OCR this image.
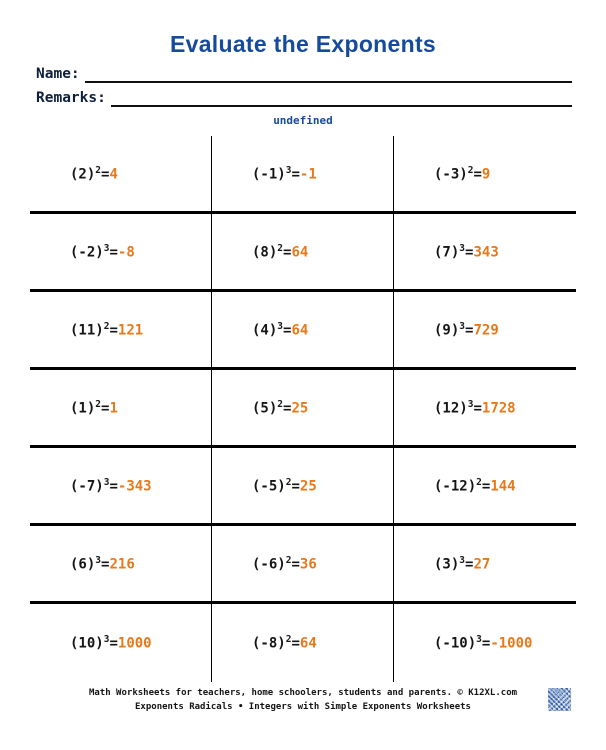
Evaluate the Exponents
Name:
Remarks:
undefined
$(2)^2=4$	$(-1)^3=-1$	$(-3)^2=9$
$(-2)^3=-8$	$(8)^2=64$	$(7)^3=343$
$(11)^2=121$	$(4)^3=64$	$(9)^3=729$
$(1)^2=1$	$(5)^2=25$	$(12)^3=1728$
$(-7)^3=-343$	$(-5)^2=25$	$(-12)^2=144$
$(6)^3=216$	$(-6)^2=36$	$(3)^3=27$
$(10)^3=1000$	$(-8)^2=64$	$(-10)^3=-1000$
Math Worksheets for teachers, home schoolers, students and parents. © K12XL.com
Exponents Radicals • Integers with Simple Exponents Worksheets
